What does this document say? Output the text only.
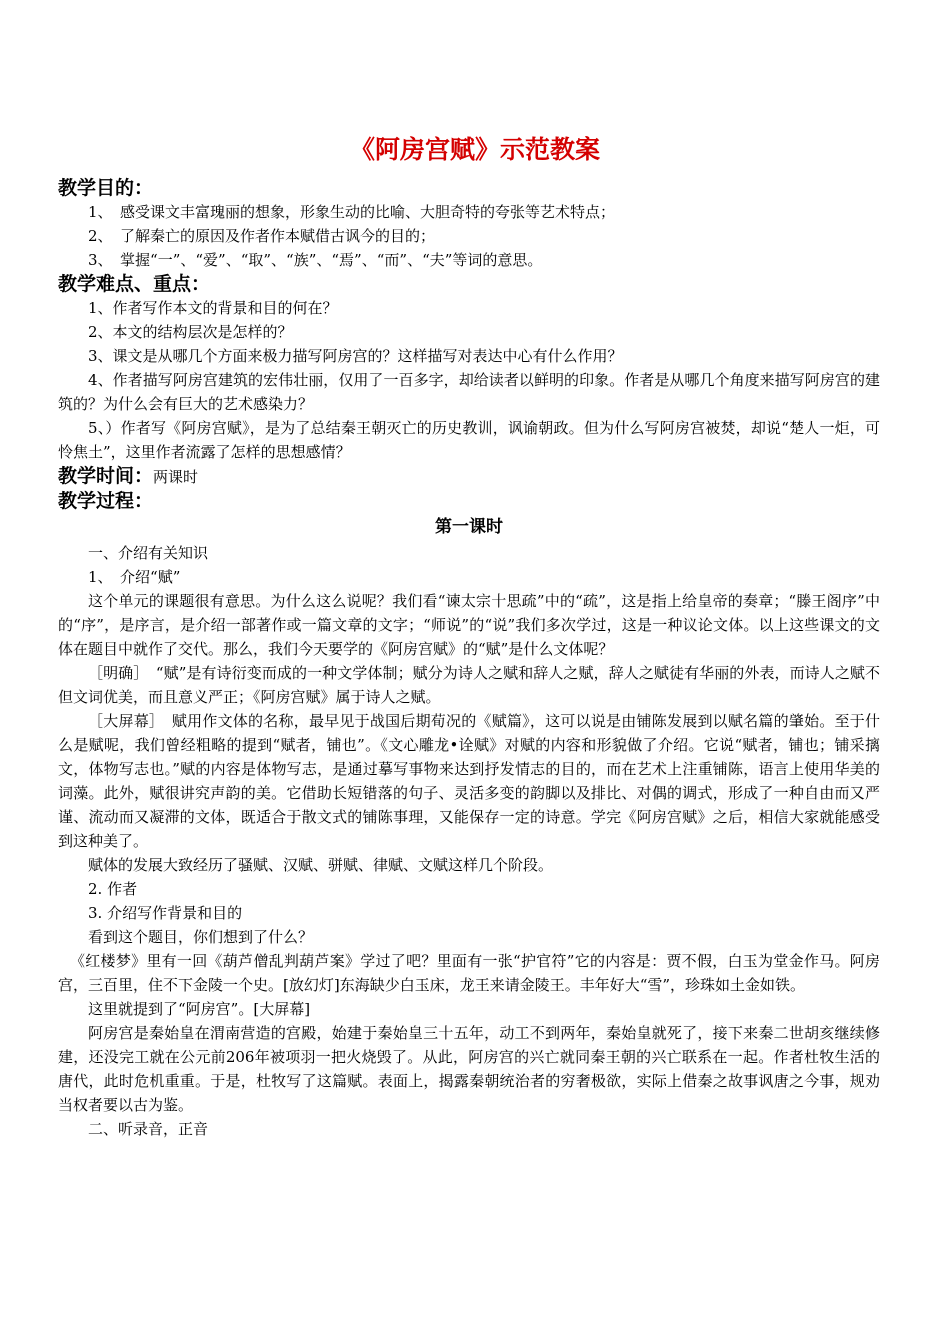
《阿房宫赋》示范教案

教学目的：

1、　感受课文丰富瑰丽的想象，形象生动的比喻、大胆奇特的夸张等艺术特点；

2、　了解秦亡的原因及作者作本赋借古讽今的目的；

3、　掌握“一”、“爱”、“取”、“族”、“焉”、“而”、“夫”等词的意思。

教学难点、重点：

1、作者写作本文的背景和目的何在？

2、本文的结构层次是怎样的？

3、课文是从哪几个方面来极力描写阿房宫的？这样描写对表达中心有什么作用？

4、作者描写阿房宫建筑的宏伟壮丽，仅用了一百多字，却给读者以鲜明的印象。作者是从哪几个角度来描写阿房宫的建筑的？为什么会有巨大的艺术感染力？

5、）作者写《阿房宫赋》，是为了总结秦王朝灭亡的历史教训，讽谕朝政。但为什么写阿房宫被焚，却说“楚人一炬，可怜焦土”，这里作者流露了怎样的思想感情？

教学时间：两课时

教学过程：

第一课时

一、介绍有关知识

1、　介绍“赋”

这个单元的课题很有意思。为什么这么说呢？我们看“谏太宗十思疏”中的“疏”，这是指上给皇帝的奏章；“滕王阁序”中的“序”，是序言，是介绍一部著作或一篇文章的文字；“师说”的“说”我们多次学过，这是一种议论文体。以上这些课文的文体在题目中就作了交代。那么，我们今天要学的《阿房宫赋》的“赋”是什么文体呢？

［明确］　“赋”是有诗衍变而成的一种文学体制；赋分为诗人之赋和辞人之赋，辞人之赋徒有华丽的外表，而诗人之赋不但文词优美，而且意义严正；《阿房宫赋》属于诗人之赋。

［大屏幕］　赋用作文体的名称，最早见于战国后期荀况的《赋篇》，这可以说是由铺陈发展到以赋名篇的肇始。至于什么是赋呢，我们曾经粗略的提到“赋者，铺也”。《文心雕龙•诠赋》对赋的内容和形貌做了介绍。它说“赋者，铺也；铺采摛文，体物写志也。”赋的内容是体物写志，是通过摹写事物来达到抒发情志的目的，而在艺术上注重铺陈，语言上使用华美的词藻。此外，赋很讲究声韵的美。它借助长短错落的句子、灵活多变的韵脚以及排比、对偶的调式，形成了一种自由而又严谨、流动而又凝滞的文体，既适合于散文式的铺陈事理，又能保存一定的诗意。学完《阿房宫赋》之后，相信大家就能感受到这种美了。

赋体的发展大致经历了骚赋、汉赋、骈赋、律赋、文赋这样几个阶段。

2. 作者

3. 介绍写作背景和目的

看到这个题目，你们想到了什么？

《红楼梦》里有一回《葫芦僧乱判葫芦案》学过了吧？里面有一张“护官符”它的内容是：贾不假，白玉为堂金作马。阿房宫，三百里，住不下金陵一个史。[放幻灯]东海缺少白玉床，龙王来请金陵王。丰年好大“雪”，珍珠如土金如铁。

这里就提到了“阿房宫”。[大屏幕]

阿房宫是秦始皇在渭南营造的宫殿，始建于秦始皇三十五年，动工不到两年，秦始皇就死了，接下来秦二世胡亥继续修建，还没完工就在公元前206年被项羽一把火烧毁了。从此，阿房宫的兴亡就同秦王朝的兴亡联系在一起。作者杜牧生活的唐代，此时危机重重。于是，杜牧写了这篇赋。表面上，揭露秦朝统治者的穷奢极欲，实际上借秦之故事讽唐之今事，规劝当权者要以古为鉴。

二、听录音，正音
